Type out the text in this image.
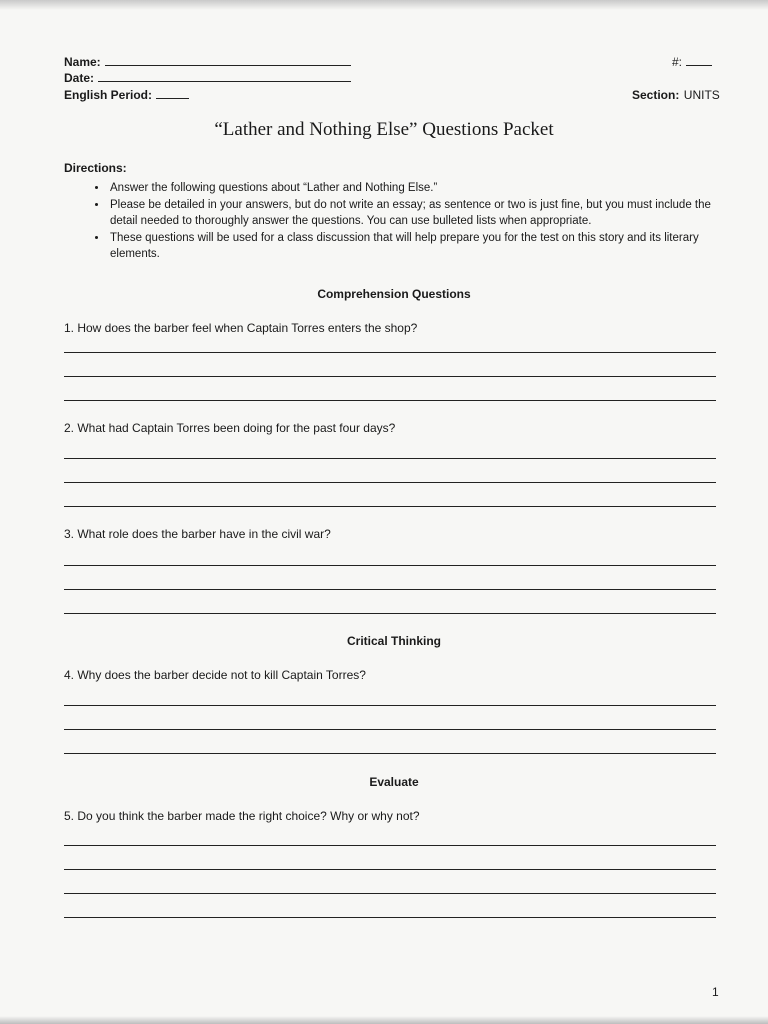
Name:
Date:
English Period:
#:
Section: UNITS
“Lather and Nothing Else” Questions Packet
Directions:
• Answer the following questions about “Lather and Nothing Else.”
• Please be detailed in your answers, but do not write an essay; as sentence or two is just fine, but you must include the detail needed to thoroughly answer the questions. You can use bulleted lists when appropriate.
• These questions will be used for a class discussion that will help prepare you for the test on this story and its literary elements.
Comprehension Questions
1. How does the barber feel when Captain Torres enters the shop?
2. What had Captain Torres been doing for the past four days?
3. What role does the barber have in the civil war?
Critical Thinking
4. Why does the barber decide not to kill Captain Torres?
Evaluate
5. Do you think the barber made the right choice? Why or why not?
1
